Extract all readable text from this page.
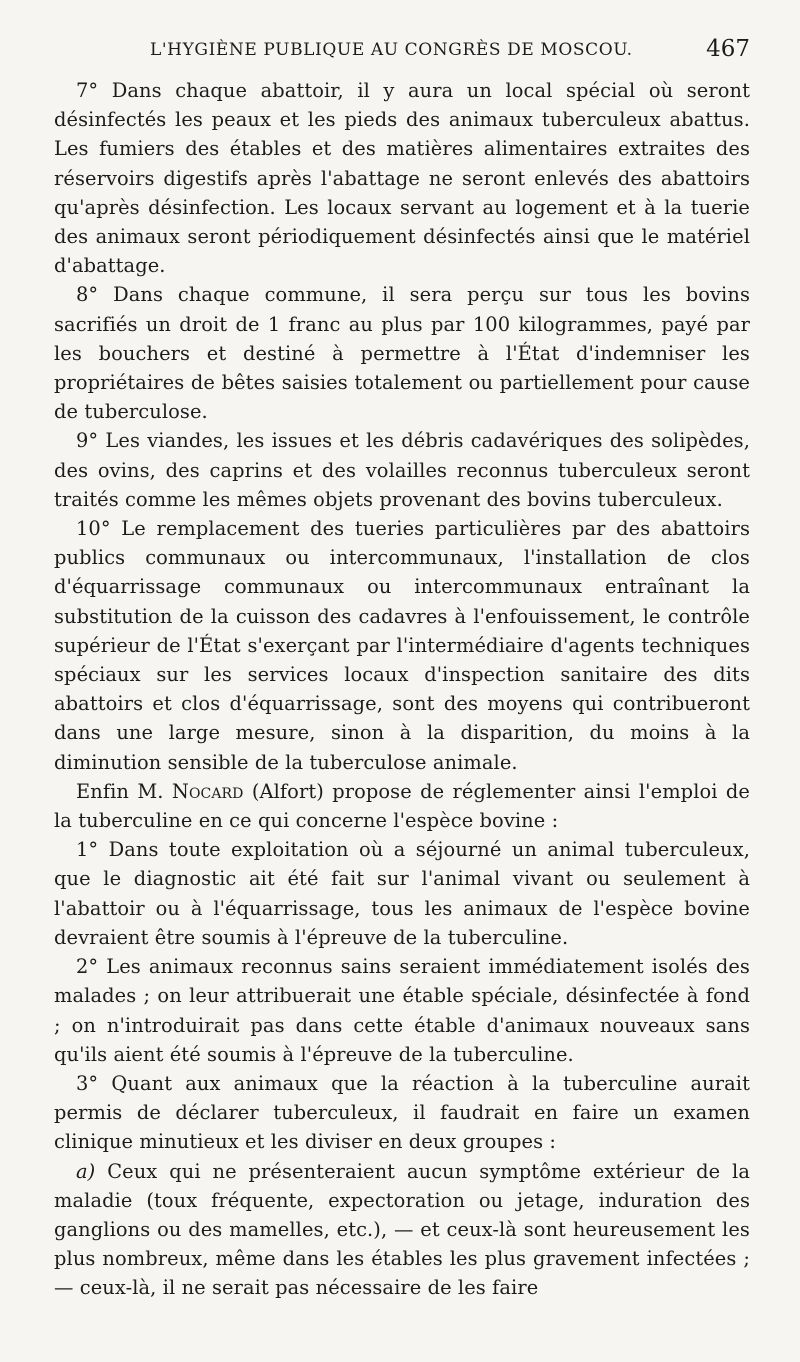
L'HYGIÈNE PUBLIQUE AU CONGRÈS DE MOSCOU.	467

7° Dans chaque abattoir, il y aura un local spécial où seront désinfectés les peaux et les pieds des animaux tuberculeux abattus. Les fumiers des étables et des matières alimentaires extraites des réservoirs digestifs après l'abattage ne seront enlevés des abattoirs qu'après désinfection. Les locaux servant au logement et à la tuerie des animaux seront périodiquement désinfectés ainsi que le matériel d'abattage.

8° Dans chaque commune, il sera perçu sur tous les bovins sacrifiés un droit de 1 franc au plus par 100 kilogrammes, payé par les bouchers et destiné à permettre à l'État d'indemniser les propriétaires de bêtes saisies totalement ou partiellement pour cause de tuberculose.

9° Les viandes, les issues et les débris cadavériques des solipèdes, des ovins, des caprins et des volailles reconnus tuberculeux seront traités comme les mêmes objets provenant des bovins tuberculeux.

10° Le remplacement des tueries particulières par des abattoirs publics communaux ou intercommunaux, l'installation de clos d'équarrissage communaux ou intercommunaux entraînant la substitution de la cuisson des cadavres à l'enfouissement, le contrôle supérieur de l'État s'exerçant par l'intermédiaire d'agents techniques spéciaux sur les services locaux d'inspection sanitaire des dits abattoirs et clos d'équarrissage, sont des moyens qui contribueront dans une large mesure, sinon à la disparition, du moins à la diminution sensible de la tuberculose animale.

Enfin M. Nocard (Alfort) propose de réglementer ainsi l'emploi de la tuberculine en ce qui concerne l'espèce bovine :

1° Dans toute exploitation où a séjourné un animal tuberculeux, que le diagnostic ait été fait sur l'animal vivant ou seulement à l'abattoir ou à l'équarrissage, tous les animaux de l'espèce bovine devraient être soumis à l'épreuve de la tuberculine.

2° Les animaux reconnus sains seraient immédiatement isolés des malades ; on leur attribuerait une étable spéciale, désinfectée à fond ; on n'introduirait pas dans cette étable d'animaux nouveaux sans qu'ils aient été soumis à l'épreuve de la tuberculine.

3° Quant aux animaux que la réaction à la tuberculine aurait permis de déclarer tuberculeux, il faudrait en faire un examen clinique minutieux et les diviser en deux groupes :

a) Ceux qui ne présenteraient aucun symptôme extérieur de la maladie (toux fréquente, expectoration ou jetage, induration des ganglions ou des mamelles, etc.), — et ceux-là sont heureusement les plus nombreux, même dans les étables les plus gravement infectées ; — ceux-là, il ne serait pas nécessaire de les faire
